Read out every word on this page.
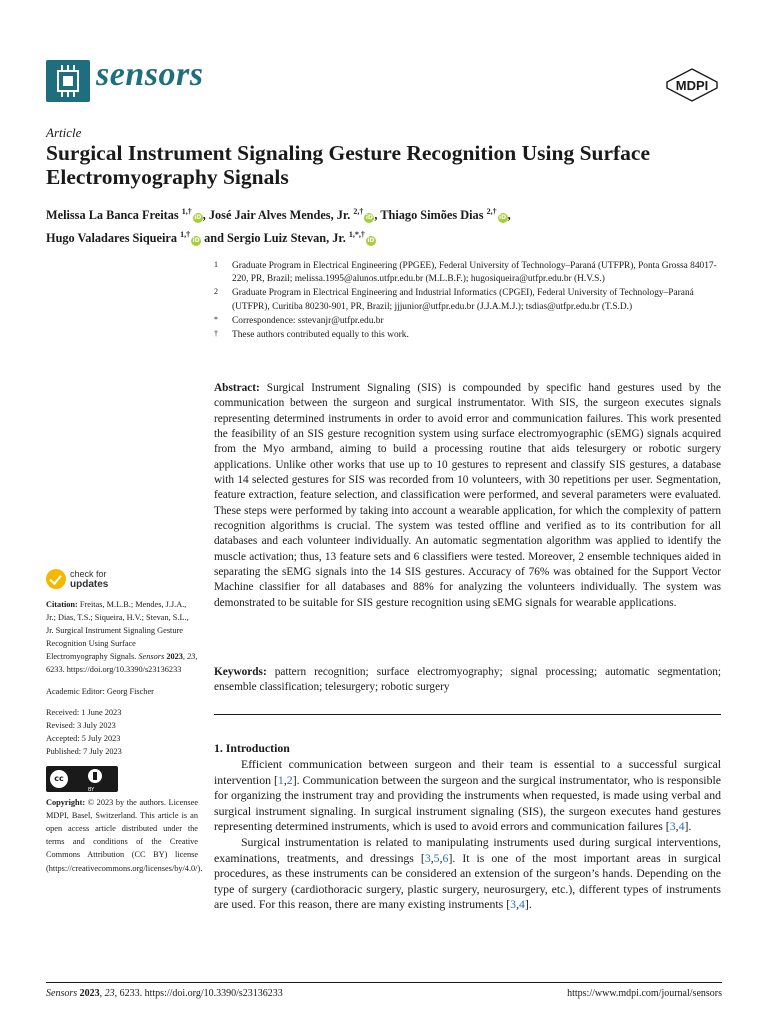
sensors	MDPI
Article
Surgical Instrument Signaling Gesture Recognition Using Surface Electromyography Signals
Melissa La Banca Freitas $^{1,\dagger}$iD, José Jair Alves Mendes, Jr. $^{2,\dagger}$iD, Thiago Simões Dias $^{2,\dagger}$iD,
Hugo Valadares Siqueira $^{1,\dagger}$iD and Sergio Luiz Stevan, Jr. $^{1,*,\dagger}$iD
1 Graduate Program in Electrical Engineering (PPGEE), Federal University of Technology–Paraná (UTFPR), Ponta Grossa 84017-220, PR, Brazil; melissa.1995@alunos.utfpr.edu.br (M.L.B.F.); hugosiqueira@utfpr.edu.br (H.V.S.)
2 Graduate Program in Electrical Engineering and Industrial Informatics (CPGEI), Federal University of Technology–Paraná (UTFPR), Curitiba 80230-901, PR, Brazil; jjjunior@utfpr.edu.br (J.J.A.M.J.); tsdias@utfpr.edu.br (T.S.D.)
* Correspondence: sstevanjr@utfpr.edu.br
† These authors contributed equally to this work.
Abstract: Surgical Instrument Signaling (SIS) is compounded by specific hand gestures used by the communication between the surgeon and surgical instrumentator. With SIS, the surgeon executes signals representing determined instruments in order to avoid error and communication failures. This work presented the feasibility of an SIS gesture recognition system using surface electromyographic (sEMG) signals acquired from the Myo armband, aiming to build a processing routine that aids telesurgery or robotic surgery applications. Unlike other works that use up to 10 gestures to represent and classify SIS gestures, a database with 14 selected gestures for SIS was recorded from 10 volunteers, with 30 repetitions per user. Segmentation, feature extraction, feature selection, and classification were performed, and several parameters were evaluated. These steps were performed by taking into account a wearable application, for which the complexity of pattern recognition algorithms is crucial. The system was tested offline and verified as to its contribution for all databases and each volunteer individually. An automatic segmentation algorithm was applied to identify the muscle activation; thus, 13 feature sets and 6 classifiers were tested. Moreover, 2 ensemble techniques aided in separating the sEMG signals into the 14 SIS gestures. Accuracy of 76% was obtained for the Support Vector Machine classifier for all databases and 88% for analyzing the volunteers individually. The system was demonstrated to be suitable for SIS gesture recognition using sEMG signals for wearable applications.
Keywords: pattern recognition; surface electromyography; signal processing; automatic segmentation; ensemble classification; telesurgery; robotic surgery
1. Introduction

Efficient communication between surgeon and their team is essential to a successful surgical intervention [1,2]. Communication between the surgeon and the surgical instrumentator, who is responsible for organizing the instrument tray and providing the instruments when requested, is made using verbal and surgical instrument signaling. In surgical instrument signaling (SIS), the surgeon executes hand gestures representing determined instruments, which is used to avoid errors and communication failures [3,4].

Surgical instrumentation is related to manipulating instruments used during surgical interventions, examinations, treatments, and dressings [3,5,6]. It is one of the most important areas in surgical procedures, as these instruments can be considered an extension of the surgeon’s hands. Depending on the type of surgery (cardiothoracic surgery, plastic surgery, neurosurgery, etc.), different types of instruments are used. For this reason, there are many existing instruments [3,4].

check for
updates
Citation: Freitas, M.L.B.; Mendes, J.J.A., Jr.; Dias, T.S.; Siqueira, H.V.; Stevan, S.L., Jr. Surgical Instrument Signaling Gesture Recognition Using Surface Electromyography Signals. Sensors 2023, 23, 6233. https://doi.org/10.3390/s23136233
Academic Editor: Georg Fischer
Received: 1 June 2023
Revised: 3 July 2023
Accepted: 5 July 2023
Published: 7 July 2023
cc
BY
Copyright: © 2023 by the authors. Licensee MDPI, Basel, Switzerland. This article is an open access article distributed under the terms and conditions of the Creative Commons Attribution (CC BY) license (https://creativecommons.org/licenses/by/4.0/).
Sensors 2023, 23, 6233. https://doi.org/10.3390/s23136233	https://www.mdpi.com/journal/sensors
